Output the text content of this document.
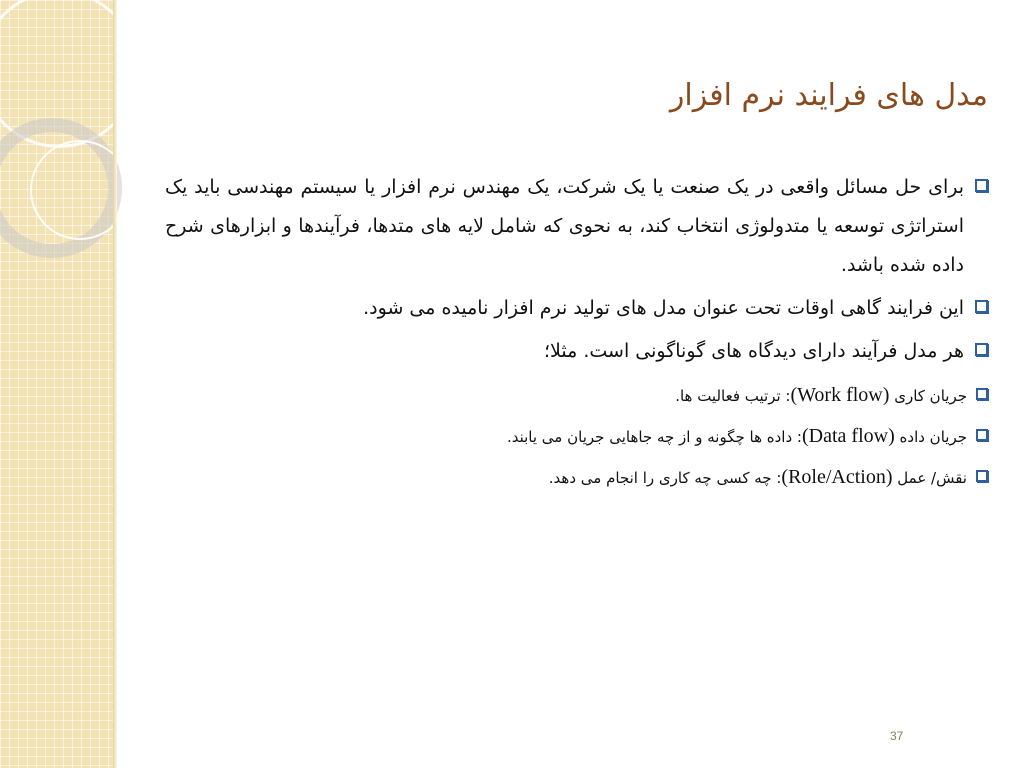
مدل های فرایند نرم افزار
برای حل مسائل واقعی در یک صنعت یا یک شرکت، یک مهندس نرم افزار یا سیستم مهندسی باید یک استراتژی توسعه یا متدولوژی انتخاب کند، به نحوی که شامل لایه های متدها، فرآیندها و ابزارهای شرح داده شده باشد.
این فرایند گاهی اوقات تحت عنوان مدل های تولید نرم افزار نامیده می شود.
هر مدل فرآیند دارای دیدگاه های گوناگونی است. مثلا؛
جریان کاری (Work flow): ترتیب فعالیت ها.
جریان داده (Data flow): داده ها چگونه و از چه جاهایی جریان می یابند.
نقش/ عمل (Role/Action): چه کسی چه کاری را انجام می دهد.
37
